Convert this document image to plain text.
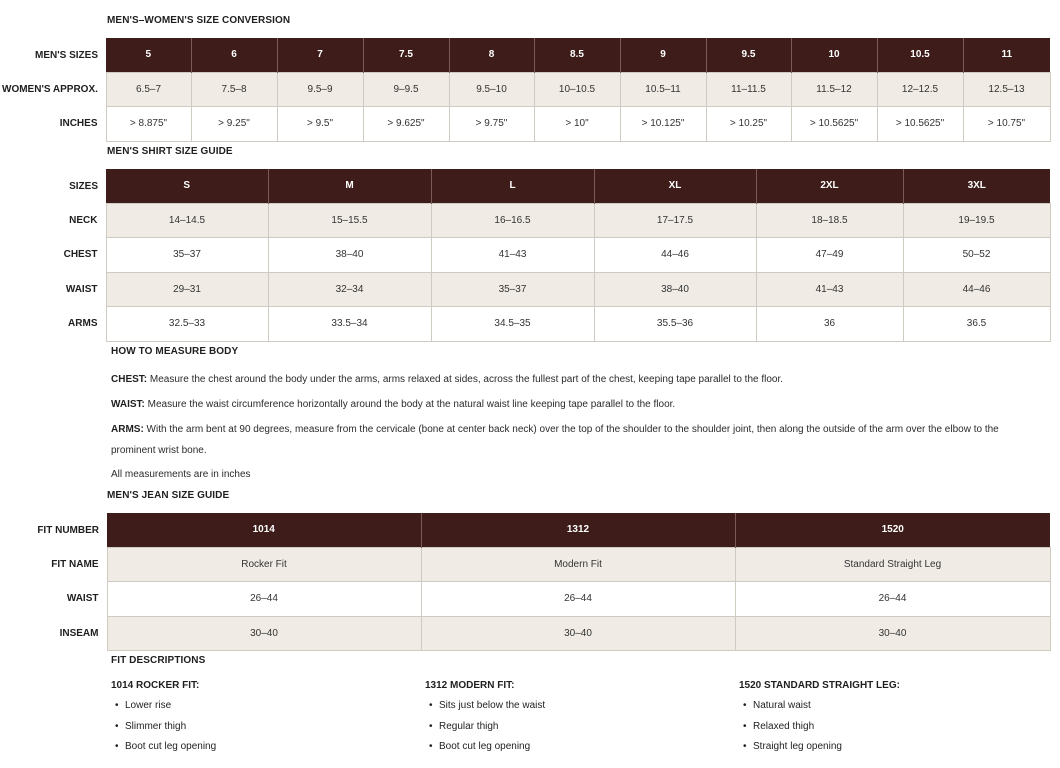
MEN'S–WOMEN'S SIZE CONVERSION
MEN'S SIZES	5	6	7	7.5	8	8.5	9	9.5	10	10.5	11
WOMEN'S APPROX.	6.5–7	7.5–8	9.5–9	9–9.5	9.5–10	10–10.5	10.5–11	11–11.5	11.5–12	12–12.5	12.5–13
INCHES	> 8.875"	> 9.25"	> 9.5"	> 9.625"	> 9.75"	> 10"	> 10.125"	> 10.25"	> 10.5625"	> 10.5625"	> 10.75"
MEN'S SHIRT SIZE GUIDE
SIZES	S	M	L	XL	2XL	3XL
NECK	14–14.5	15–15.5	16–16.5	17–17.5	18–18.5	19–19.5
CHEST	35–37	38–40	41–43	44–46	47–49	50–52
WAIST	29–31	32–34	35–37	38–40	41–43	44–46
ARMS	32.5–33	33.5–34	34.5–35	35.5–36	36	36.5
HOW TO MEASURE BODY
CHEST: Measure the chest around the body under the arms, arms relaxed at sides, across the fullest part of the chest, keeping tape parallel to the floor.
WAIST: Measure the waist circumference horizontally around the body at the natural waist line keeping tape parallel to the floor.
ARMS: With the arm bent at 90 degrees, measure from the cervicale (bone at center back neck) over the top of the shoulder to the shoulder joint, then along the outside of the arm over the elbow to the prominent wrist bone.
All measurements are in inches
MEN'S JEAN SIZE GUIDE
FIT NUMBER	1014	1312	1520
FIT NAME	Rocker Fit	Modern Fit	Standard Straight Leg
WAIST	26–44	26–44	26–44
INSEAM	30–40	30–40	30–40
FIT DESCRIPTIONS
1014 ROCKER FIT:
• Lower rise
• Slimmer thigh
• Boot cut leg opening
1312 MODERN FIT:
• Sits just below the waist
• Regular thigh
• Boot cut leg opening
1520 STANDARD STRAIGHT LEG:
• Natural waist
• Relaxed thigh
• Straight leg opening
